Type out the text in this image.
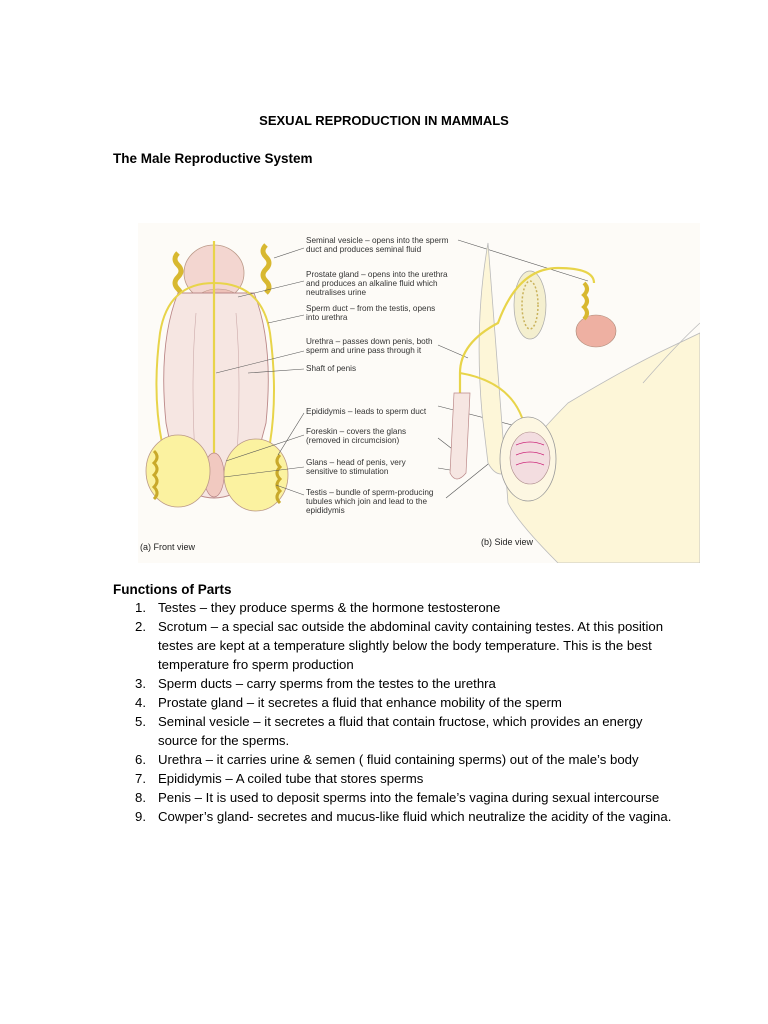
SEXUAL REPRODUCTION IN MAMMALS
The Male Reproductive System
Seminal vesicle – opens into the sperm duct and produces seminal fluid
Prostate gland – opens into the urethra and produces an alkaline fluid which neutralises urine
Sperm duct – from the testis, opens into urethra
Urethra – passes down penis, both sperm and urine pass through it
Shaft of penis
Epididymis – leads to sperm duct
Foreskin – covers the glans (removed in circumcision)
Glans – head of penis, very sensitive to stimulation
Testis – bundle of sperm-producing tubules which join and lead to the epididymis
(a) Front view	(b) Side view
Functions of Parts
1. Testes – they produce sperms & the hormone testosterone
2. Scrotum – a special sac outside the abdominal cavity containing testes. At this position testes are kept at a temperature slightly below the body temperature. This is the best temperature fro sperm production
3. Sperm ducts – carry sperms from the testes to the urethra
4. Prostate gland – it secretes a fluid that enhance mobility of the sperm
5. Seminal vesicle – it secretes a fluid that contain fructose, which provides an energy source for the sperms.
6. Urethra – it carries urine & semen ( fluid containing sperms) out of the male’s body
7. Epididymis – A coiled tube that stores sperms
8. Penis – It is used to deposit sperms into the female’s vagina during sexual intercourse
9. Cowper’s gland- secretes and mucus-like fluid which neutralize the acidity of the vagina.
